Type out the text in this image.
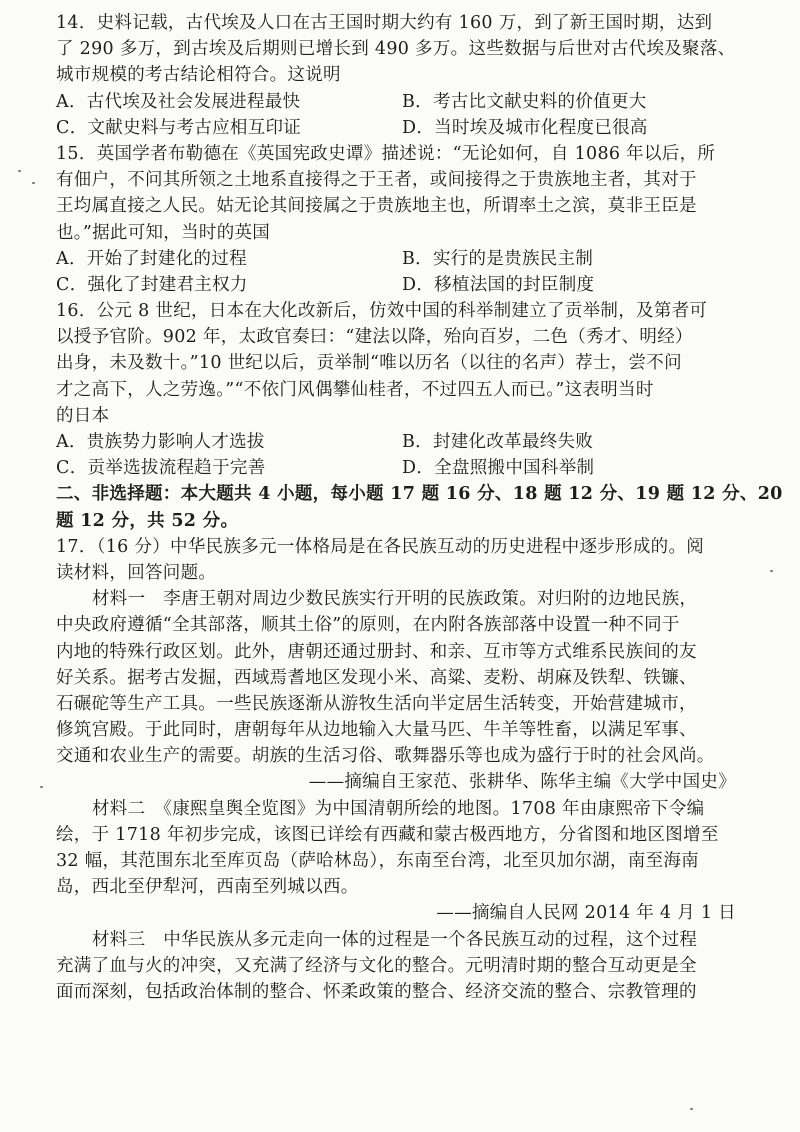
14．史料记载，古代埃及人口在古王国时期大约有 160 万，到了新王国时期，达到
了 290 多万，到古埃及后期则已增长到 490 多万。这些数据与后世对古代埃及聚落、
城市规模的考古结论相符合。这说明
A．古代埃及社会发展进程最快	B．考古比文献史料的价值更大
C．文献史料与考古应相互印证	D．当时埃及城市化程度已很高
15．英国学者布勒德在《英国宪政史谭》描述说：“无论如何，自 1086 年以后，所
有佃户，不问其所领之土地系直接得之于王者，或间接得之于贵族地主者，其对于
王均属直接之人民。姑无论其间接属之于贵族地主也，所谓率土之滨，莫非王臣是
也。”据此可知，当时的英国
A．开始了封建化的过程	B．实行的是贵族民主制
C．强化了封建君主权力	D．移植法国的封臣制度
16．公元 8 世纪，日本在大化改新后，仿效中国的科举制建立了贡举制，及第者可
以授予官阶。902 年，太政官奏曰：“建法以降，殆向百岁，二色（秀才、明经）
出身，未及数十。”10 世纪以后，贡举制“唯以历名（以往的名声）荐士，尝不问
才之高下，人之劳逸。”“不依门风偶攀仙桂者，不过四五人而已。”这表明当时
的日本
A．贵族势力影响人才选拔	B．封建化改革最终失败
C．贡举选拔流程趋于完善	D．全盘照搬中国科举制
二、非选择题：本大题共 4 小题，每小题 17 题 16 分、18 题 12 分、19 题 12 分、20
题 12 分，共 52 分。
17．（16 分）中华民族多元一体格局是在各民族互动的历史进程中逐步形成的。阅
读材料，回答问题。
材料一　李唐王朝对周边少数民族实行开明的民族政策。对归附的边地民族，
中央政府遵循“全其部落，顺其土俗”的原则，在内附各族部落中设置一种不同于
内地的特殊行政区划。此外，唐朝还通过册封、和亲、互市等方式维系民族间的友
好关系。据考古发掘，西域焉耆地区发现小米、高粱、麦粉、胡麻及铁犁、铁镰、
石碾砣等生产工具。一些民族逐渐从游牧生活向半定居生活转变，开始营建城市，
修筑宫殿。于此同时，唐朝每年从边地输入大量马匹、牛羊等牲畜，以满足军事、
交通和农业生产的需要。胡族的生活习俗、歌舞器乐等也成为盛行于时的社会风尚。
——摘编自王家范、张耕华、陈华主编《大学中国史》
材料二　《康熙皇舆全览图》为中国清朝所绘的地图。1708 年由康熙帝下令编
绘，于 1718 年初步完成，该图已详绘有西藏和蒙古极西地方，分省图和地区图增至
32 幅，其范围东北至库页岛（萨哈林岛），东南至台湾，北至贝加尔湖，南至海南
岛，西北至伊犁河，西南至列城以西。
——摘编自人民网 2014 年 4 月 1 日
材料三　中华民族从多元走向一体的过程是一个各民族互动的过程，这个过程
充满了血与火的冲突，又充满了经济与文化的整合。元明清时期的整合互动更是全
面而深刻，包括政治体制的整合、怀柔政策的整合、经济交流的整合、宗教管理的
